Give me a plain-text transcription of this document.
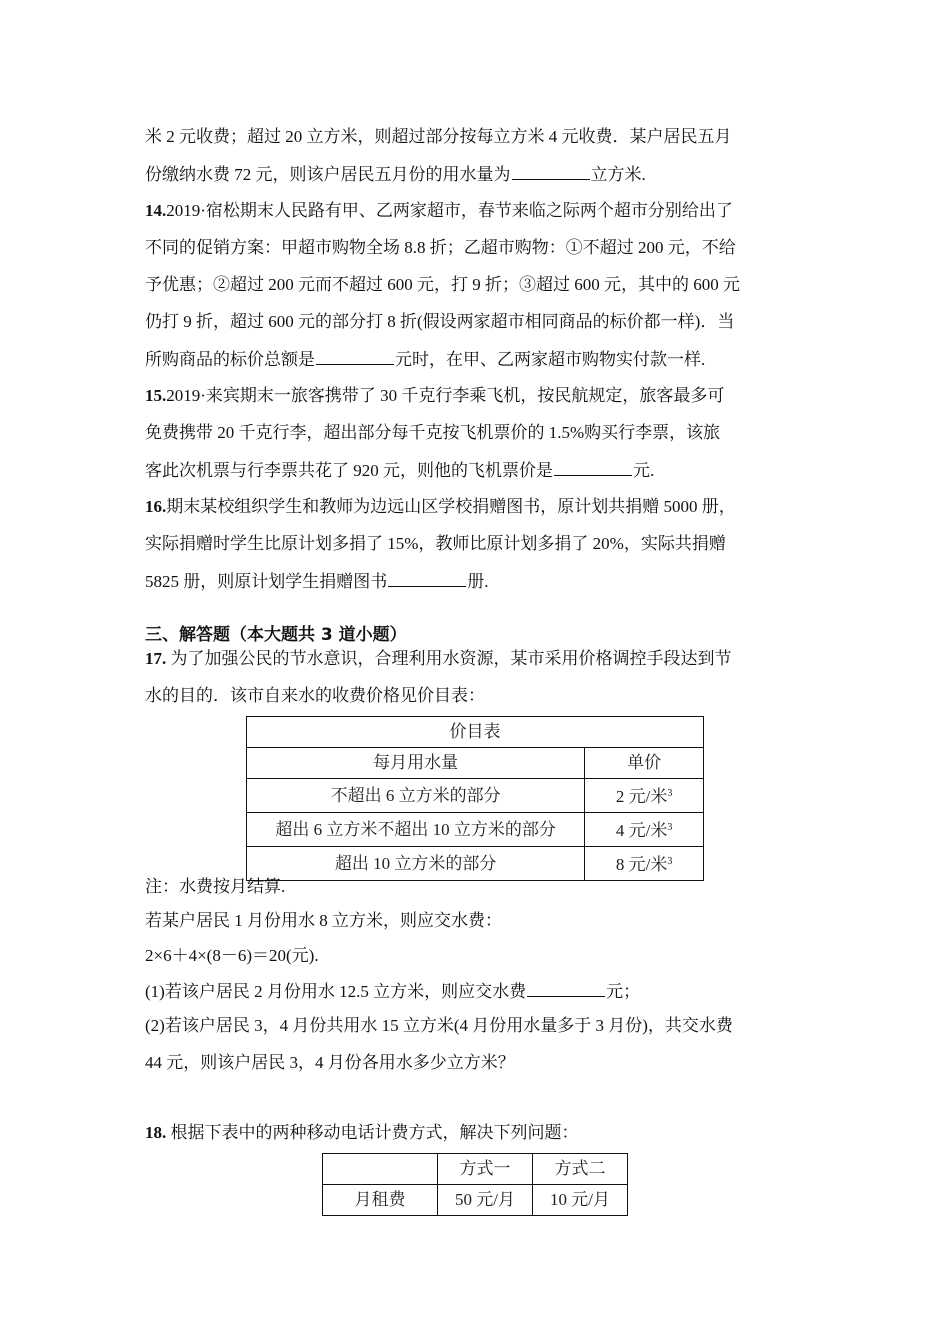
米 2 元收费；超过 20 立方米，则超过部分按每立方米 4 元收费．某户居民五月
份缴纳水费 72 元，则该户居民五月份的用水量为	立方米.
14.2019·宿松期末人民路有甲、乙两家超市，春节来临之际两个超市分别给出了
不同的促销方案：甲超市购物全场 8.8 折；乙超市购物：①不超过 200 元，不给
予优惠；②超过 200 元而不超过 600 元，打 9 折；③超过 600 元，其中的 600 元
仍打 9 折，超过 600 元的部分打 8 折(假设两家超市相同商品的标价都一样)．当
所购商品的标价总额是	元时，在甲、乙两家超市购物实付款一样.
15.2019·来宾期末一旅客携带了 30 千克行李乘飞机，按民航规定，旅客最多可
免费携带 20 千克行李，超出部分每千克按飞机票价的 1.5%购买行李票，该旅
客此次机票与行李票共花了 920 元，则他的飞机票价是	元.
16.期末某校组织学生和教师为边远山区学校捐赠图书，原计划共捐赠 5000 册，
实际捐赠时学生比原计划多捐了 15%，教师比原计划多捐了 20%，实际共捐赠
5825 册，则原计划学生捐赠图书	册.
三、解答题（本大题共 3 道小题）
17. 为了加强公民的节水意识，合理利用水资源，某市采用价格调控手段达到节
水的目的．该市自来水的收费价格见价目表：
价目表	
每月用水量	单价
不超出 6 立方米的部分	2 元/米$^3$
超出 6 立方米不超出 10 立方米的部分	4 元/米$^3$
超出 10 立方米的部分	8 元/米$^3$
注：水费按月结算.
若某户居民 1 月份用水 8 立方米，则应交水费：
2×6＋4×(8－6)＝20(元).
(1)若该户居民 2 月份用水 12.5 立方米，则应交水费	元；
(2)若该户居民 3，4 月份共用水 15 立方米(4 月份用水量多于 3 月份)，共交水费
44 元，则该户居民 3，4 月份各用水多少立方米？
18. 根据下表中的两种移动电话计费方式，解决下列问题：
	方式一	方式二
月租费	50 元/月	10 元/月
